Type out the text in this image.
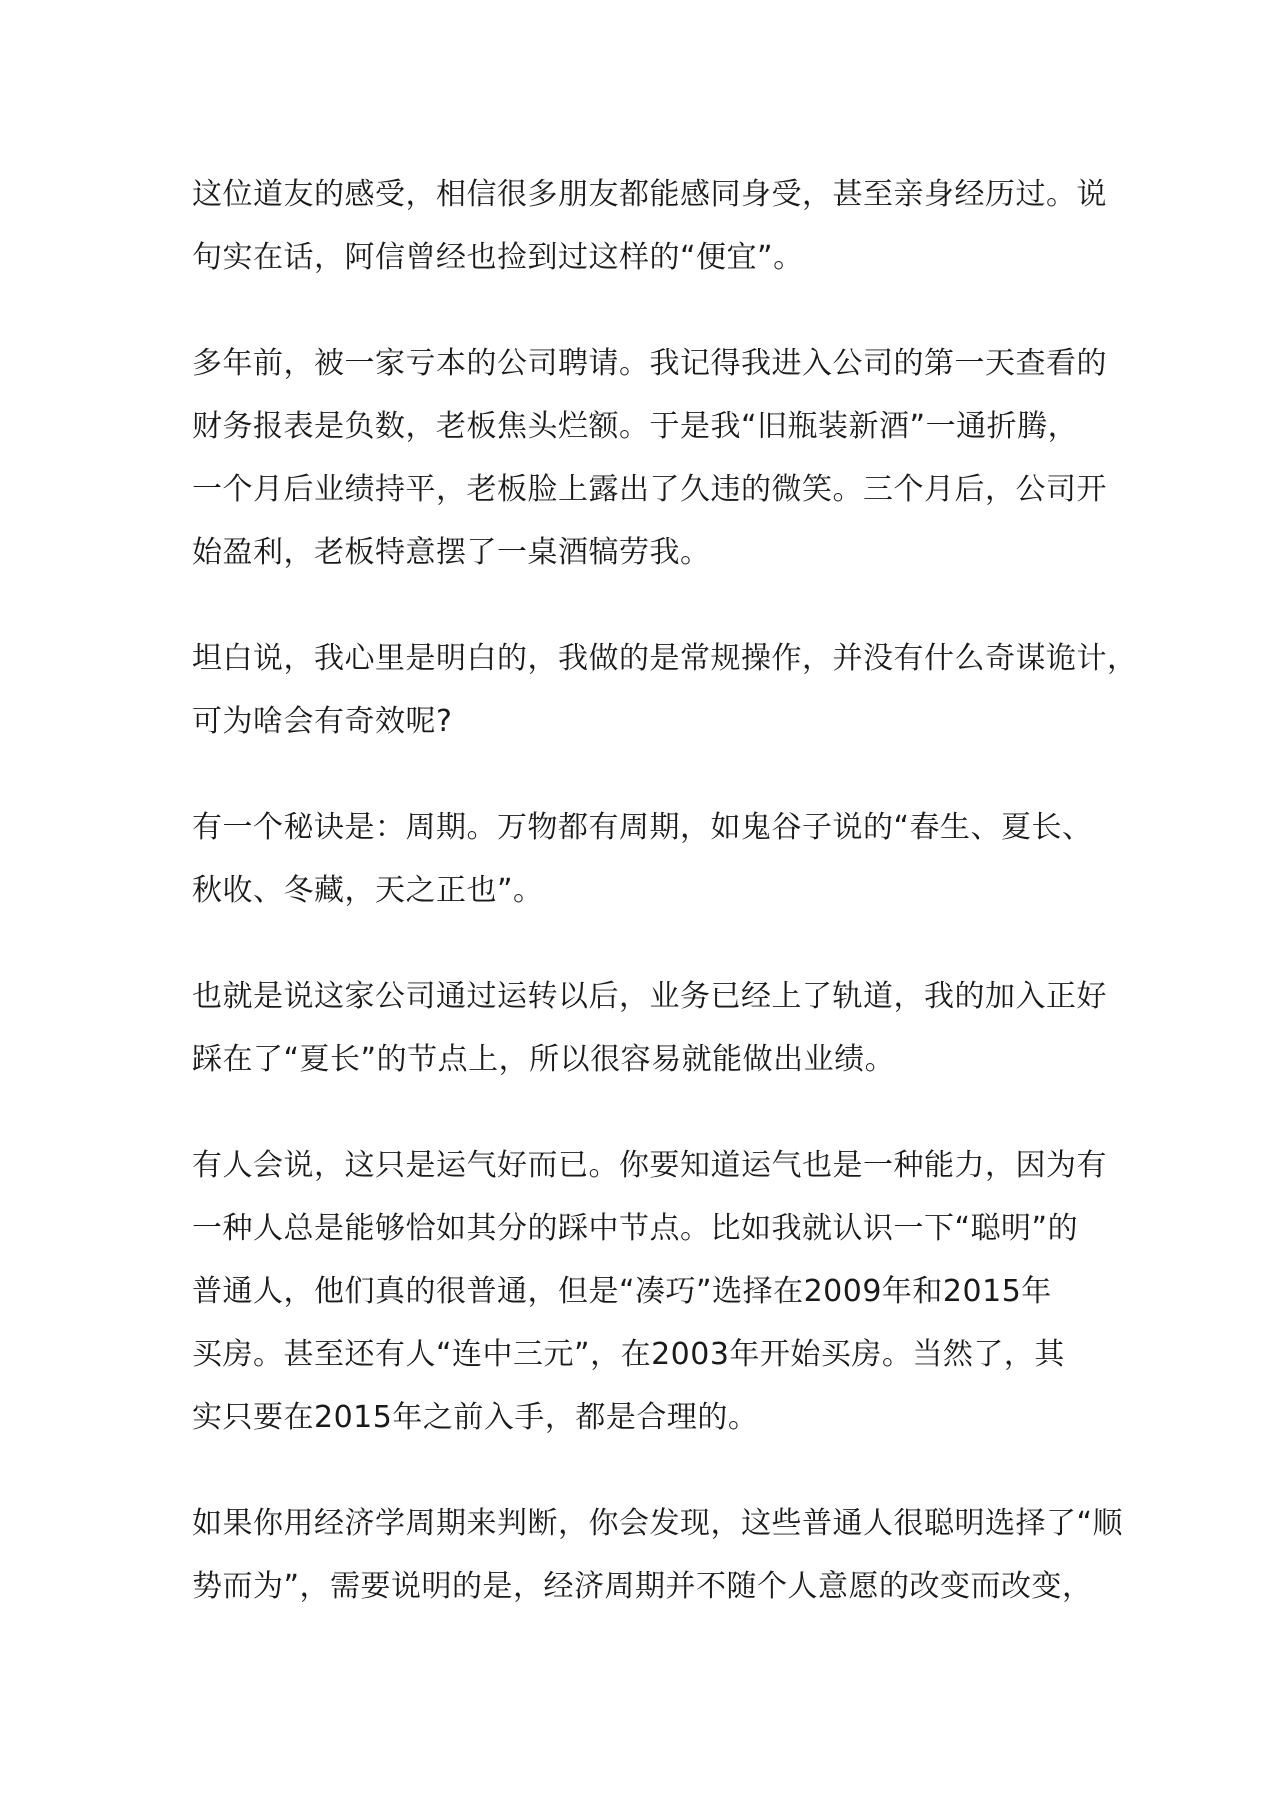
这位道友的感受，相信很多朋友都能感同身受，甚至亲身经历过。说
句实在话，阿信曾经也捡到过这样的“便宜”。

多年前，被一家亏本的公司聘请。我记得我进入公司的第一天查看的
财务报表是负数，老板焦头烂额。于是我“旧瓶装新酒”一通折腾，
一个月后业绩持平，老板脸上露出了久违的微笑。三个月后，公司开
始盈利，老板特意摆了一桌酒犒劳我。

坦白说，我心里是明白的，我做的是常规操作，并没有什么奇谋诡计，
可为啥会有奇效呢?

有一个秘诀是：周期。万物都有周期，如鬼谷子说的“春生、夏长、
秋收、冬藏，天之正也”。

也就是说这家公司通过运转以后，业务已经上了轨道，我的加入正好
踩在了“夏长”的节点上，所以很容易就能做出业绩。

有人会说，这只是运气好而已。你要知道运气也是一种能力，因为有
一种人总是能够恰如其分的踩中节点。比如我就认识一下“聪明”的
普通人，他们真的很普通，但是“凑巧”选择在2009年和2015年
买房。甚至还有人“连中三元”，在2003年开始买房。当然了，其
实只要在2015年之前入手，都是合理的。

如果你用经济学周期来判断，你会发现，这些普通人很聪明选择了“顺
势而为”，需要说明的是，经济周期并不随个人意愿的改变而改变，
